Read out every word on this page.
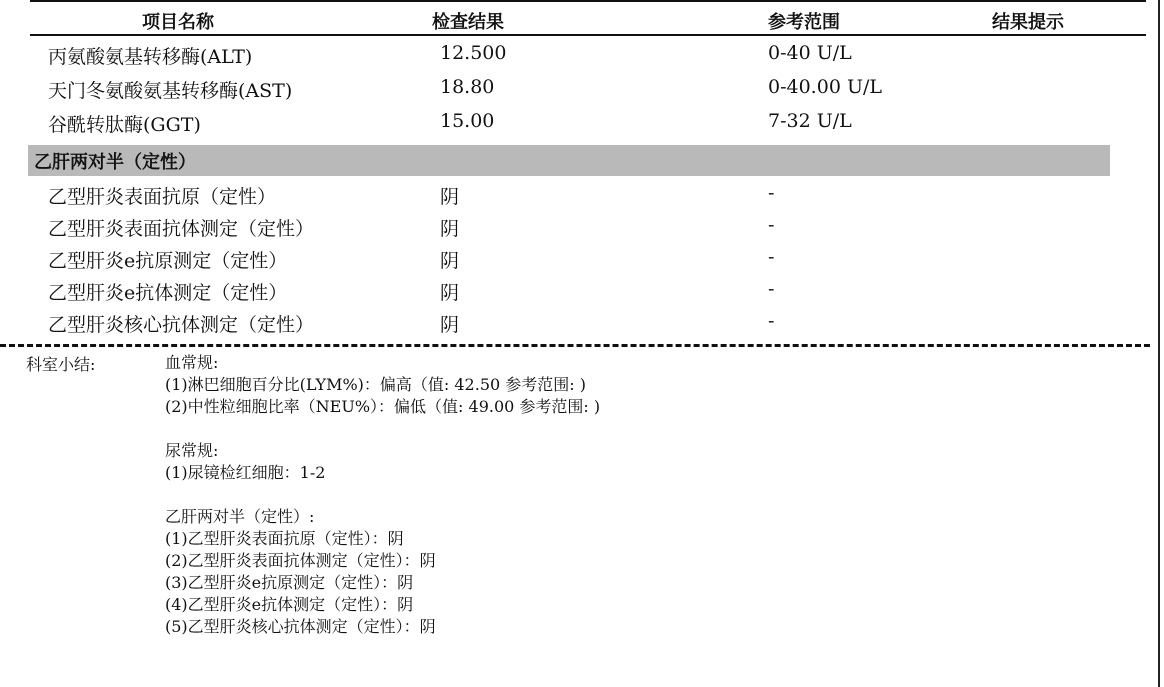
项目名称	检查结果	参考范围	结果提示
丙氨酸氨基转移酶(ALT)	12.500	0-40 U/L
天门冬氨酸氨基转移酶(AST)	18.80	0-40.00 U/L
谷酰转肽酶(GGT)	15.00	7-32 U/L
乙肝两对半（定性）
乙型肝炎表面抗原（定性）	阴	-
乙型肝炎表面抗体测定（定性）	阴	-
乙型肝炎e抗原测定（定性）	阴	-
乙型肝炎e抗体测定（定性）	阴	-
乙型肝炎核心抗体测定（定性）	阴	-
科室小结:	血常规:
(1)淋巴细胞百分比(LYM%)：偏高（值: 42.50 参考范围: )
(2)中性粒细胞比率（NEU%）：偏低（值: 49.00 参考范围: )
尿常规:
(1)尿镜检红细胞：1-2
乙肝两对半（定性）:
(1)乙型肝炎表面抗原（定性）：阴
(2)乙型肝炎表面抗体测定（定性）：阴
(3)乙型肝炎e抗原测定（定性）：阴
(4)乙型肝炎e抗体测定（定性）：阴
(5)乙型肝炎核心抗体测定（定性）：阴
